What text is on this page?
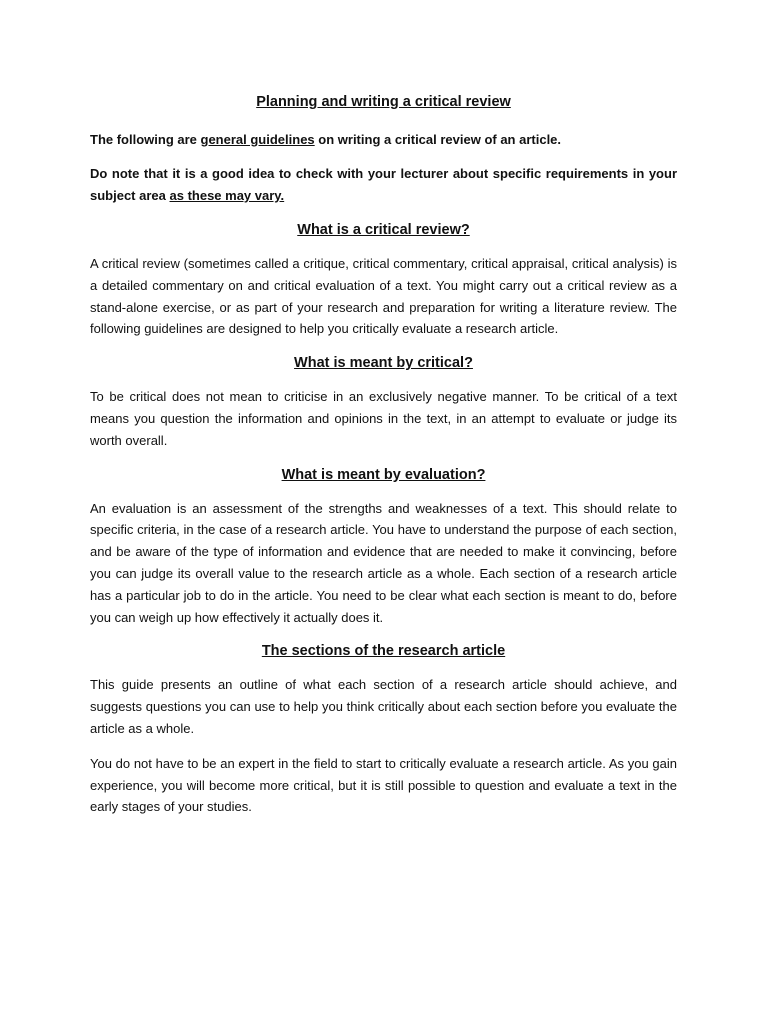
Planning and writing a critical review

The following are general guidelines on writing a critical review of an article.

Do note that it is a good idea to check with your lecturer about specific requirements in your subject area as these may vary.

What is a critical review?

A critical review (sometimes called a critique, critical commentary, critical appraisal, critical analysis) is a detailed commentary on and critical evaluation of a text. You might carry out a critical review as a stand-alone exercise, or as part of your research and preparation for writing a literature review. The following guidelines are designed to help you critically evaluate a research article.

What is meant by critical?

To be critical does not mean to criticise in an exclusively negative manner. To be critical of a text means you question the information and opinions in the text, in an attempt to evaluate or judge its worth overall.

What is meant by evaluation?

An evaluation is an assessment of the strengths and weaknesses of a text. This should relate to specific criteria, in the case of a research article. You have to understand the purpose of each section, and be aware of the type of information and evidence that are needed to make it convincing, before you can judge its overall value to the research article as a whole. Each section of a research article has a particular job to do in the article. You need to be clear what each section is meant to do, before you can weigh up how effectively it actually does it.

The sections of the research article

This guide presents an outline of what each section of a research article should achieve, and suggests questions you can use to help you think critically about each section before you evaluate the article as a whole.

You do not have to be an expert in the field to start to critically evaluate a research article. As you gain experience, you will become more critical, but it is still possible to question and evaluate a text in the early stages of your studies.
